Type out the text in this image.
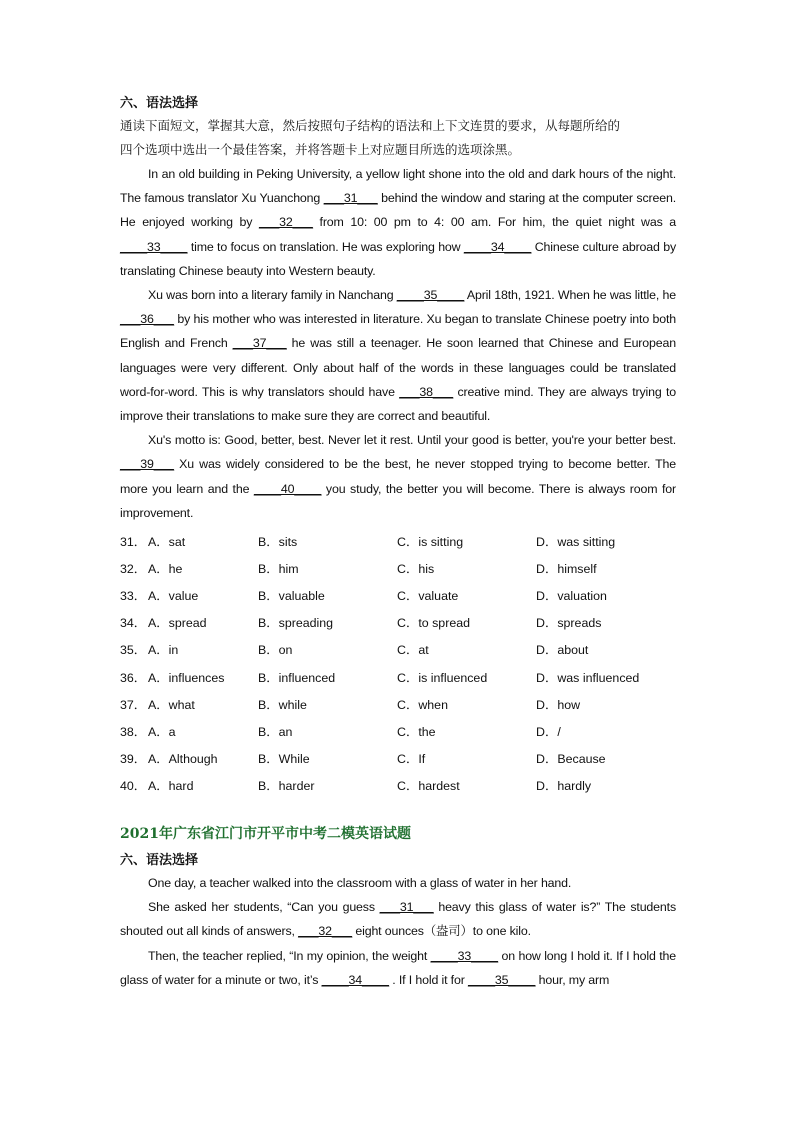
六、语法选择
通读下面短文，掌握其大意，然后按照句子结构的语法和上下文连贯的要求，从每题所给的
四个选项中选出一个最佳答案，并将答题卡上对应题目所选的选项涂黑。

In an old building in Peking University, a yellow light shone into the old and dark hours of the night. The famous translator Xu Yuanchong ___31___ behind the window and staring at the computer screen. He enjoyed working by ___32___ from 10: 00 pm to 4: 00 am. For him, the quiet night was a ____33____ time to focus on translation. He was exploring how ____34____ Chinese culture abroad by translating Chinese beauty into Western beauty.

Xu was born into a literary family in Nanchang ____35____ April 18th, 1921. When he was little, he ___36___ by his mother who was interested in literature. Xu began to translate Chinese poetry into both English and French ___37___ he was still a teenager. He soon learned that Chinese and European languages were very different. Only about half of the words in these languages could be translated word-for-word. This is why translators should have ___38___ creative mind. They are always trying to improve their translations to make sure they are correct and beautiful.

Xu's motto is: Good, better, best. Never let it rest. Until your good is better, you're your better best. ___39___ Xu was widely considered to be the best, he never stopped trying to become better. The more you learn and the ____40____ you study, the better you will become. There is always room for improvement.

31． A．sat	B．sits	C．is sitting	D．was sitting
32． A．he	B．him	C．his	D．himself
33． A．value	B．valuable	C．valuate	D．valuation
34． A．spread	B．spreading	C．to spread	D．spreads
35． A．in	B．on	C．at	D．about
36． A．influences	B．influenced	C．is influenced	D．was influenced
37． A．what	B．while	C．when	D．how
38． A．a	B．an	C．the	D．/
39． A．Although	B．While	C．If	D．Because
40． A．hard	B．harder	C．hardest	D．hardly
2021年广东省江门市开平市中考二模英语试题
六、语法选择

One day, a teacher walked into the classroom with a glass of water in her hand.

She asked her students, “Can you guess ___31___ heavy this glass of water is?” The students shouted out all kinds of answers, ___32___ eight ounces（盎司）to one kilo.

Then, the teacher replied, “In my opinion, the weight ____33____ on how long I hold it. If I hold the glass of water for a minute or two, it’s ____34____ . If I hold it for ____35____ hour, my arm
